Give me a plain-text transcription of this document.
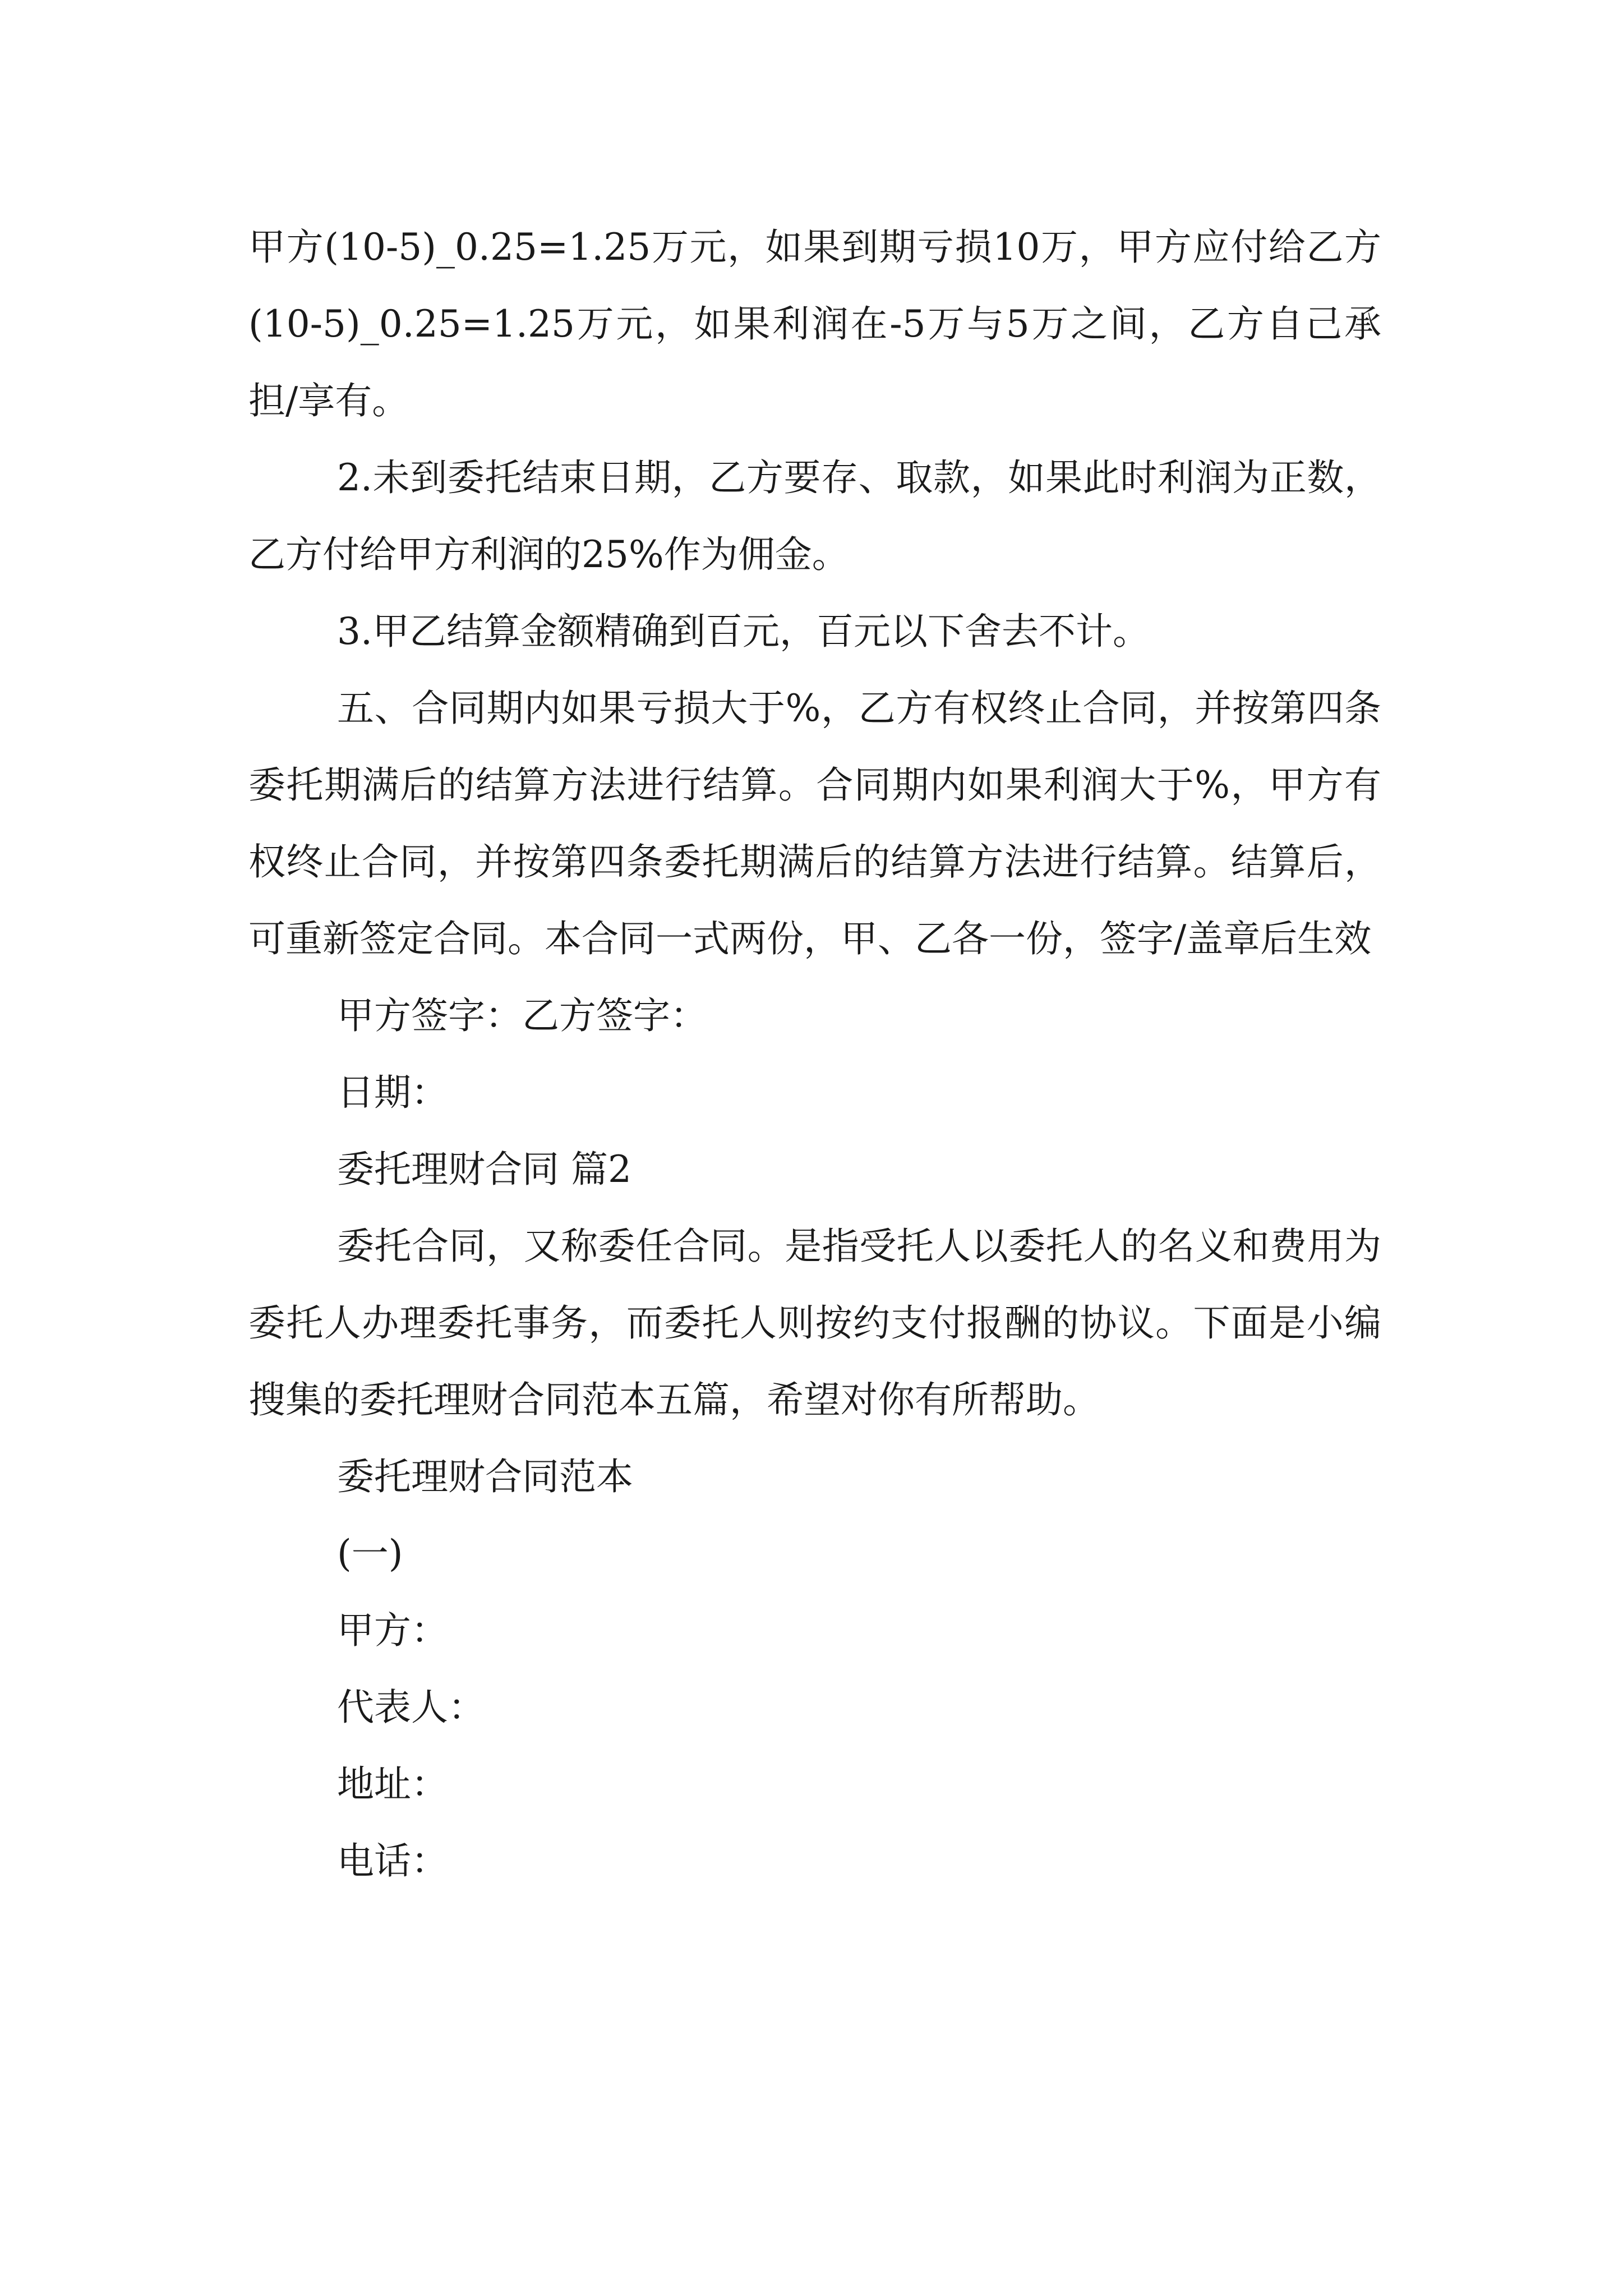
甲方(10-5)_0.25=1.25万元，如果到期亏损10万，甲方应付给乙方(10-5)_0.25=1.25万元，如果利润在-5万与5万之间，乙方自己承担/享有。

2.未到委托结束日期，乙方要存、取款，如果此时利润为正数，乙方付给甲方利润的25%作为佣金。

3.甲乙结算金额精确到百元，百元以下舍去不计。

五、合同期内如果亏损大于%，乙方有权终止合同，并按第四条委托期满后的结算方法进行结算。合同期内如果利润大于%，甲方有权终止合同，并按第四条委托期满后的结算方法进行结算。结算后，可重新签定合同。本合同一式两份，甲、乙各一份，签字/盖章后生效

甲方签字：乙方签字：

日期：

委托理财合同 篇2

委托合同，又称委任合同。是指受托人以委托人的名义和费用为委托人办理委托事务，而委托人则按约支付报酬的协议。下面是小编搜集的委托理财合同范本五篇，希望对你有所帮助。

委托理财合同范本

(一)

甲方：

代表人：

地址：

电话：
